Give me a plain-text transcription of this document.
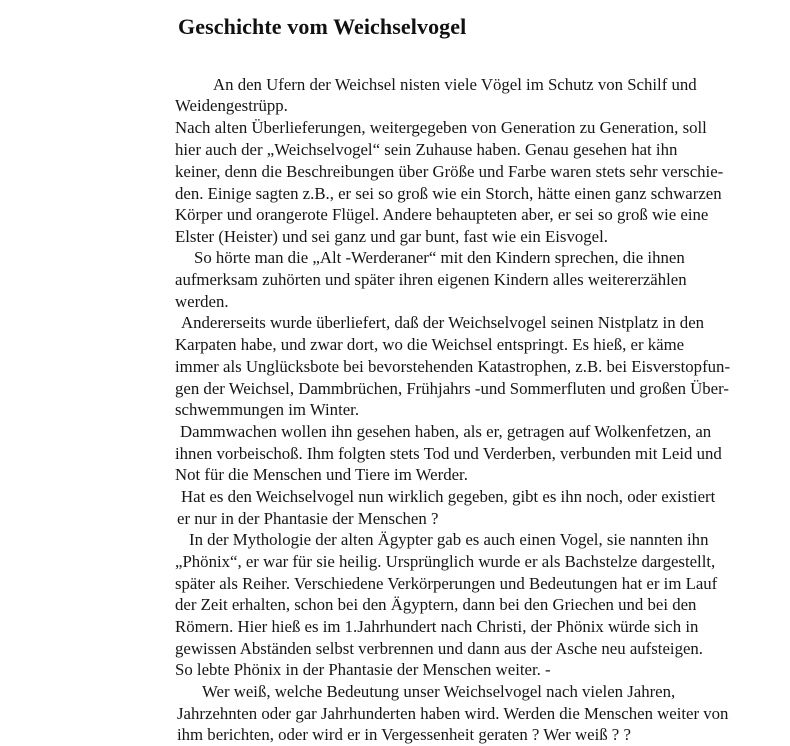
Geschichte vom Weichselvogel

An den Ufern der Weichsel nisten viele Vögel im Schutz von Schilf und

Weidengestrüpp.

Nach alten Überlieferungen, weitergegeben von Generation zu Generation, soll

hier auch der „Weichselvogel“ sein Zuhause haben. Genau gesehen hat ihn

keiner, denn die Beschreibungen über Größe und Farbe waren stets sehr verschie-

den. Einige sagten z.B., er sei so groß wie ein Storch, hätte einen ganz schwarzen

Körper und orangerote Flügel. Andere behaupteten aber, er sei so groß wie eine

Elster (Heister) und sei ganz und gar bunt, fast wie ein Eisvogel.

So hörte man die „Alt -Werderaner“ mit den Kindern sprechen, die ihnen

aufmerksam zuhörten und später ihren eigenen Kindern alles weitererzählen

werden.

Andererseits wurde überliefert, daß der Weichselvogel seinen Nistplatz in den

Karpaten habe, und zwar dort, wo die Weichsel entspringt. Es hieß, er käme

immer als Unglücksbote bei bevorstehenden Katastrophen, z.B. bei Eisverstopfun-

gen der Weichsel, Dammbrüchen, Frühjahrs -und Sommerfluten und großen Über-

schwemmungen im Winter.

Dammwachen wollen ihn gesehen haben, als er, getragen auf Wolkenfetzen, an

ihnen vorbeischoß. Ihm folgten stets Tod und Verderben, verbunden mit Leid und

Not für die Menschen und Tiere im Werder.

Hat es den Weichselvogel nun wirklich gegeben, gibt es ihn noch, oder existiert

er nur in der Phantasie der Menschen ?

In der Mythologie der alten Ägypter gab es auch einen Vogel, sie nannten ihn

„Phönix“, er war für sie heilig. Ursprünglich wurde er als Bachstelze dargestellt,

später als Reiher. Verschiedene Verkörperungen und Bedeutungen hat er im Lauf

der Zeit erhalten, schon bei den Ägyptern, dann bei den Griechen und bei den

Römern. Hier hieß es im 1.Jahrhundert nach Christi, der Phönix würde sich in

gewissen Abständen selbst verbrennen und dann aus der Asche neu aufsteigen.

So lebte Phönix in der Phantasie der Menschen weiter. -

Wer weiß, welche Bedeutung unser Weichselvogel nach vielen Jahren,

Jahrzehnten oder gar Jahrhunderten haben wird. Werden die Menschen weiter von

ihm berichten, oder wird er in Vergessenheit geraten ? Wer weiß ? ?
